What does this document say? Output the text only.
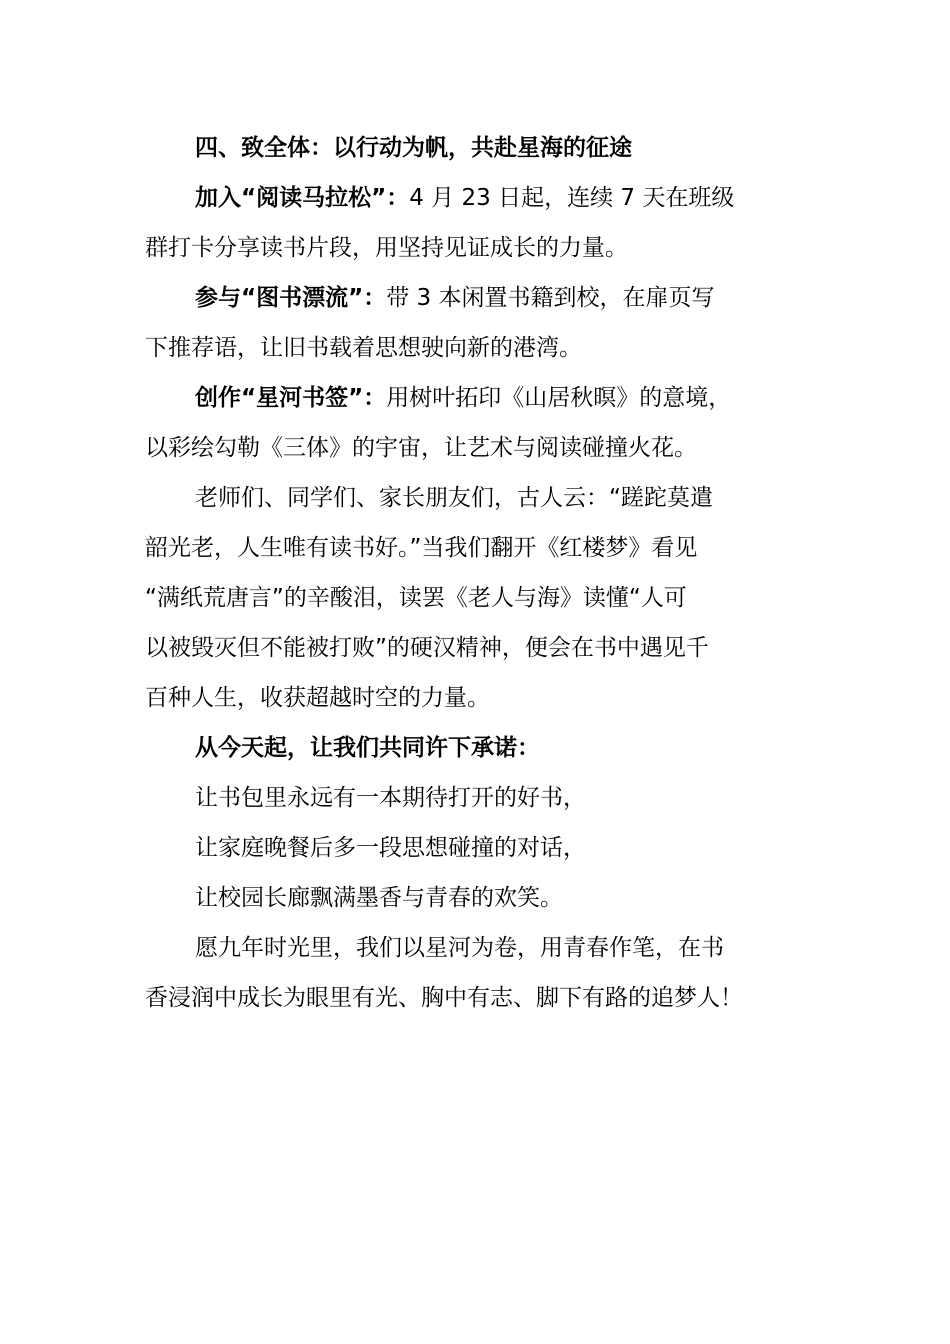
四、致全体：以行动为帆，共赴星海的征途
加入“阅读马拉松”：4 月 23 日起，连续 7 天在班级
群打卡分享读书片段，用坚持见证成长的力量。
参与“图书漂流”：带 3 本闲置书籍到校，在扉页写
下推荐语，让旧书载着思想驶向新的港湾。
创作“星河书签”：用树叶拓印《山居秋暝》的意境，
以彩绘勾勒《三体》的宇宙，让艺术与阅读碰撞火花。
老师们、同学们、家长朋友们，古人云：“蹉跎莫遣
韶光老，人生唯有读书好。”当我们翻开《红楼梦》看见
“满纸荒唐言”的辛酸泪，读罢《老人与海》读懂“人可
以被毁灭但不能被打败”的硬汉精神，便会在书中遇见千
百种人生，收获超越时空的力量。
从今天起，让我们共同许下承诺：
让书包里永远有一本期待打开的好书，
让家庭晚餐后多一段思想碰撞的对话，
让校园长廊飘满墨香与青春的欢笑。
愿九年时光里，我们以星河为卷，用青春作笔，在书
香浸润中成长为眼里有光、胸中有志、脚下有路的追梦人！
